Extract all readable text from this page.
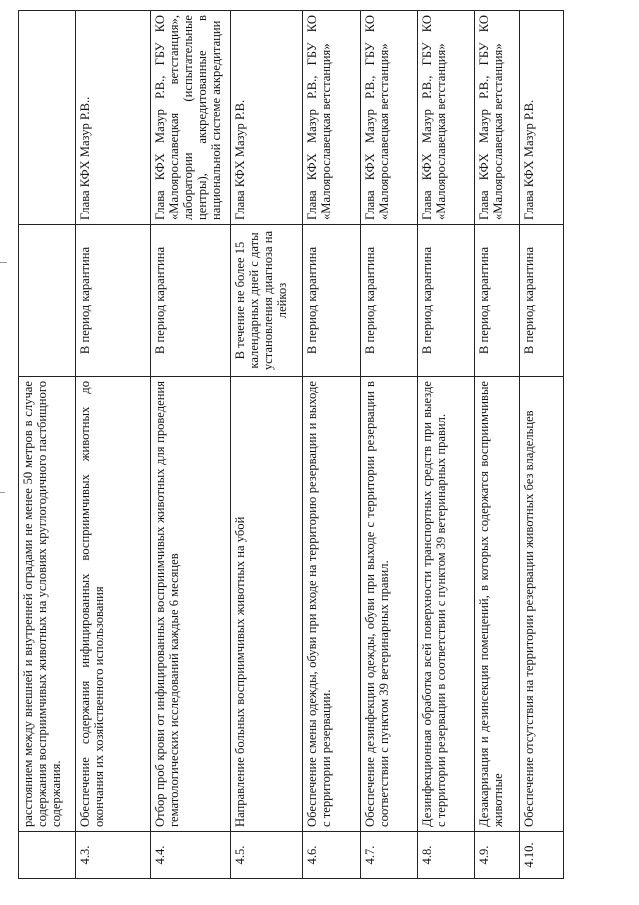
	расстоянием между внешней и внутренней оградами не менее 50 метров в случае содержания восприимчивых животных на условиях круглогодичного пастбищного содержания.		
4.3.	Обеспечение содержания инфицированных восприимчивых животных до окончания их хозяйственного использования	В период карантина	Глава КФХ Мазур Р.В..
4.4.	Отбор проб крови от инфицированных восприимчивых животных для проведения гематологических исследований каждые 6 месяцев	В период карантина	Глава КФХ Мазур Р.В., ГБУ КО «Малоярославецкая ветстанция», лаборатории (испытательные центры), аккредитованные в национальной системе аккредитации
4.5.	Направление больных восприимчивых животных на убой	В течение не более 15 календарных дней с даты установления диагноза на лейкоз	Глава КФХ Мазур Р.В.
4.6.	Обеспечение смены одежды, обуви при входе на территорию резервации и выходе с территории резервации.	В период карантина	Глава КФХ Мазур Р.В., ГБУ КО «Малоярославецкая ветстанция»
4.7.	Обеспечение дезинфекции одежды, обуви при выходе с территории резервации в соответствии с пунктом 39 ветеринарных правил.	В период карантина	Глава КФХ Мазур Р.В., ГБУ КО «Малоярославецкая ветстанция»
4.8.	Дезинфекционная обработка всей поверхности транспортных средств при выезде с территории резервации в соответствии с пунктом 39 ветеринарных правил.	В период карантина	Глава КФХ Мазур Р.В., ГБУ КО «Малоярославецкая ветстанция»
4.9.	Дезакаризация и дезинсекция помещений, в которых содержатся восприимчивые животные	В период карантина	Глава КФХ Мазур Р.В., ГБУ КО «Малоярославецкая ветстанция»
4.10.	Обеспечение отсутствия на территории резервации животных без владельцев	В период карантина	Глава КФХ Мазур Р.В.
